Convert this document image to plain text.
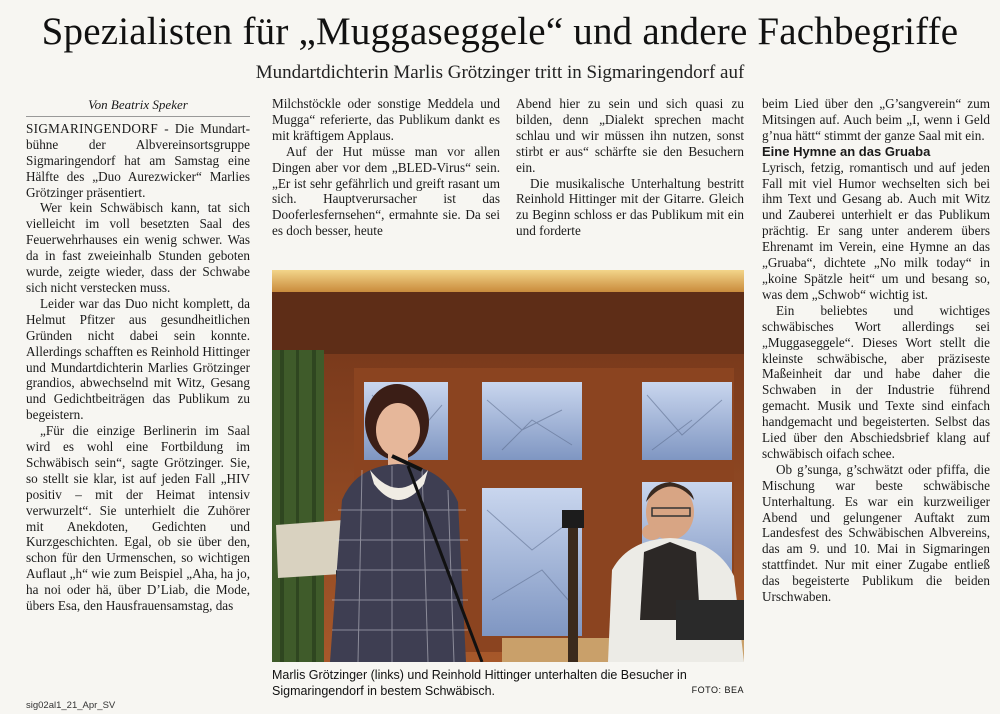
Spezialisten für „Muggaseggele“ und andere Fachbegriffe
Mundartdichterin Marlis Grötzinger tritt in Sigmaringendorf auf
Von Beatrix Speker

SIGMARINGENDORF - Die Mundart-bühne der Albvereinsortsgruppe Sigmaringendorf hat am Samstag eine Hälfte des „Duo Aurezwicker“ Marlies Grötzinger präsentiert.

Wer kein Schwäbisch kann, tat sich vielleicht im voll besetzten Saal des Feuerwehrhauses ein wenig schwer. Was da in fast zweieinhalb Stunden geboten wurde, zeigte wieder, dass der Schwabe sich nicht verstecken muss.

Leider war das Duo nicht komplett, da Helmut Pfitzer aus gesundheitlichen Gründen nicht dabei sein konnte. Allerdings schafften es Reinhold Hittinger und Mundartdichterin Marlies Grötzinger grandios, abwechselnd mit Witz, Gesang und Gedichtbeiträgen das Publikum zu begeistern.

„Für die einzige Berlinerin im Saal wird es wohl eine Fortbildung im Schwäbisch sein“, sagte Grötzinger. Sie, so stellt sie klar, ist auf jeden Fall „HIV positiv – mit der Heimat intensiv verwurzelt“. Sie unterhielt die Zuhörer mit Anekdoten, Gedichten und Kurzgeschichten. Egal, ob sie über den, schon für den Urmenschen, so wichtigen Auflaut „h“ wie zum Beispiel „Aha, ha jo, ha noi oder hä, über D’Liab, die Mode, übers Esa, den Hausfrauensamstag, das

Milchstöckle oder sonstige Meddela und Mugga“ referierte, das Publikum dankt es mit kräftigem Applaus.

Auf der Hut müsse man vor allen Dingen aber vor dem „BLED-Virus“ sein. „Er ist sehr gefährlich und greift rasant um sich. Hauptverursacher ist das Dooferlesfernsehen“, ermahnte sie. Da sei es doch besser, heute

Abend hier zu sein und sich quasi zu bilden, denn „Dialekt sprechen macht schlau und wir müssen ihn nutzen, sonst stirbt er aus“ schärfte sie den Besuchern ein.

Die musikalische Unterhaltung bestritt Reinhold Hittinger mit der Gitarre. Gleich zu Beginn schloss er das Publikum mit ein und forderte

beim Lied über den „G’sangverein“ zum Mitsingen auf. Auch beim „I, wenn i Geld g’nua hätt“ stimmt der ganze Saal mit ein.

Eine Hymne an das Gruaba

Lyrisch, fetzig, romantisch und auf jeden Fall mit viel Humor wechselten sich bei ihm Text und Gesang ab. Auch mit Witz und Zauberei unterhielt er das Publikum prächtig. Er sang unter anderem übers Ehrenamt im Verein, eine Hymne an das „Gruaba“, dichtete „No milk today“ in „koine Spätzle heit“ um und besang so, was dem „Schwob“ wichtig ist.

Ein beliebtes und wichtiges schwäbisches Wort allerdings sei „Muggaseggele“. Dieses Wort stellt die kleinste schwäbische, aber präziseste Maßeinheit dar und habe daher die Schwaben in der Industrie führend gemacht. Musik und Texte sind einfach handgemacht und begeisterten. Selbst das Lied über den Abschiedsbrief klang auf schwäbisch oifach schee.

Ob g’sunga, g’schwätzt oder pfiffa, die Mischung war beste schwäbische Unterhaltung. Es war ein kurzweiliger Abend und gelungener Auftakt zum Landesfest des Schwäbischen Albvereins, das am 9. und 10. Mai in Sigmaringen stattfindet. Nur mit einer Zugabe entließ das begeisterte Publikum die beiden Urschwaben.

Marlis Grötzinger (links) und Reinhold Hittinger unterhalten die Besucher in Sigmaringendorf in bestem Schwäbisch.	FOTO: BEA
sig02al1_21_Apr_SV
